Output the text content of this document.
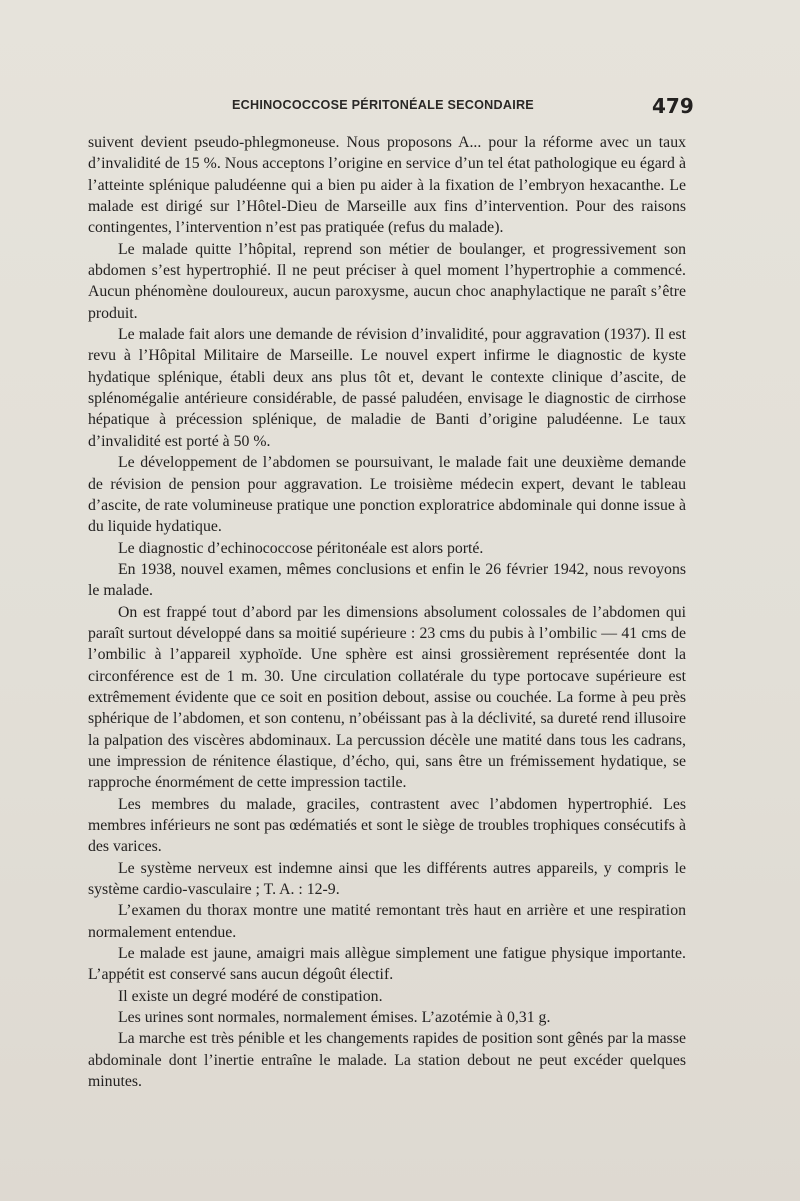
ECHINOCOCCOSE PÉRITONÉALE SECONDAIRE	479

suivent devient pseudo-phlegmoneuse. Nous proposons A... pour la réforme avec un taux d’invalidité de 15 %. Nous acceptons l’origine en service d’un tel état pathologique eu égard à l’atteinte splénique paludéenne qui a bien pu aider à la fixation de l’embryon hexacanthe. Le malade est dirigé sur l’Hôtel-Dieu de Marseille aux fins d’intervention. Pour des raisons contingentes, l’intervention n’est pas pratiquée (refus du malade).

Le malade quitte l’hôpital, reprend son métier de boulanger, et progressivement son abdomen s’est hypertrophié. Il ne peut préciser à quel moment l’hypertrophie a commencé. Aucun phénomène douloureux, aucun paroxysme, aucun choc anaphylactique ne paraît s’être produit.

Le malade fait alors une demande de révision d’invalidité, pour aggravation (1937). Il est revu à l’Hôpital Militaire de Marseille. Le nouvel expert infirme le diagnostic de kyste hydatique splénique, établi deux ans plus tôt et, devant le contexte clinique d’ascite, de splénomégalie antérieure considérable, de passé paludéen, envisage le diagnostic de cirrhose hépatique à précession splénique, de maladie de Banti d’origine paludéenne. Le taux d’invalidité est porté à 50 %.

Le développement de l’abdomen se poursuivant, le malade fait une deuxième demande de révision de pension pour aggravation. Le troisième médecin expert, devant le tableau d’ascite, de rate volumineuse pratique une ponction exploratrice abdominale qui donne issue à du liquide hydatique.

Le diagnostic d’echinococcose péritonéale est alors porté.

En 1938, nouvel examen, mêmes conclusions et enfin le 26 février 1942, nous revoyons le malade.

On est frappé tout d’abord par les dimensions absolument colossales de l’abdomen qui paraît surtout développé dans sa moitié supérieure : 23 cms du pubis à l’ombilic — 41 cms de l’ombilic à l’appareil xyphoïde. Une sphère est ainsi grossièrement représentée dont la circonférence est de 1 m. 30. Une circulation collatérale du type portocave supérieure est extrêmement évidente que ce soit en position debout, assise ou couchée. La forme à peu près sphérique de l’abdomen, et son contenu, n’obéissant pas à la déclivité, sa dureté rend illusoire la palpation des viscères abdominaux. La percussion décèle une matité dans tous les cadrans, une impression de rénitence élastique, d’écho, qui, sans être un frémissement hydatique, se rapproche énormément de cette impression tactile.

Les membres du malade, graciles, contrastent avec l’abdomen hypertrophié. Les membres inférieurs ne sont pas œdématiés et sont le siège de troubles trophiques consécutifs à des varices.

Le système nerveux est indemne ainsi que les différents autres appareils, y compris le système cardio-vasculaire ; T. A. : 12-9.

L’examen du thorax montre une matité remontant très haut en arrière et une respiration normalement entendue.

Le malade est jaune, amaigri mais allègue simplement une fatigue physique importante. L’appétit est conservé sans aucun dégoût électif.

Il existe un degré modéré de constipation.

Les urines sont normales, normalement émises. L’azotémie à 0,31 g.

La marche est très pénible et les changements rapides de position sont gênés par la masse abdominale dont l’inertie entraîne le malade. La station debout ne peut excéder quelques minutes.
